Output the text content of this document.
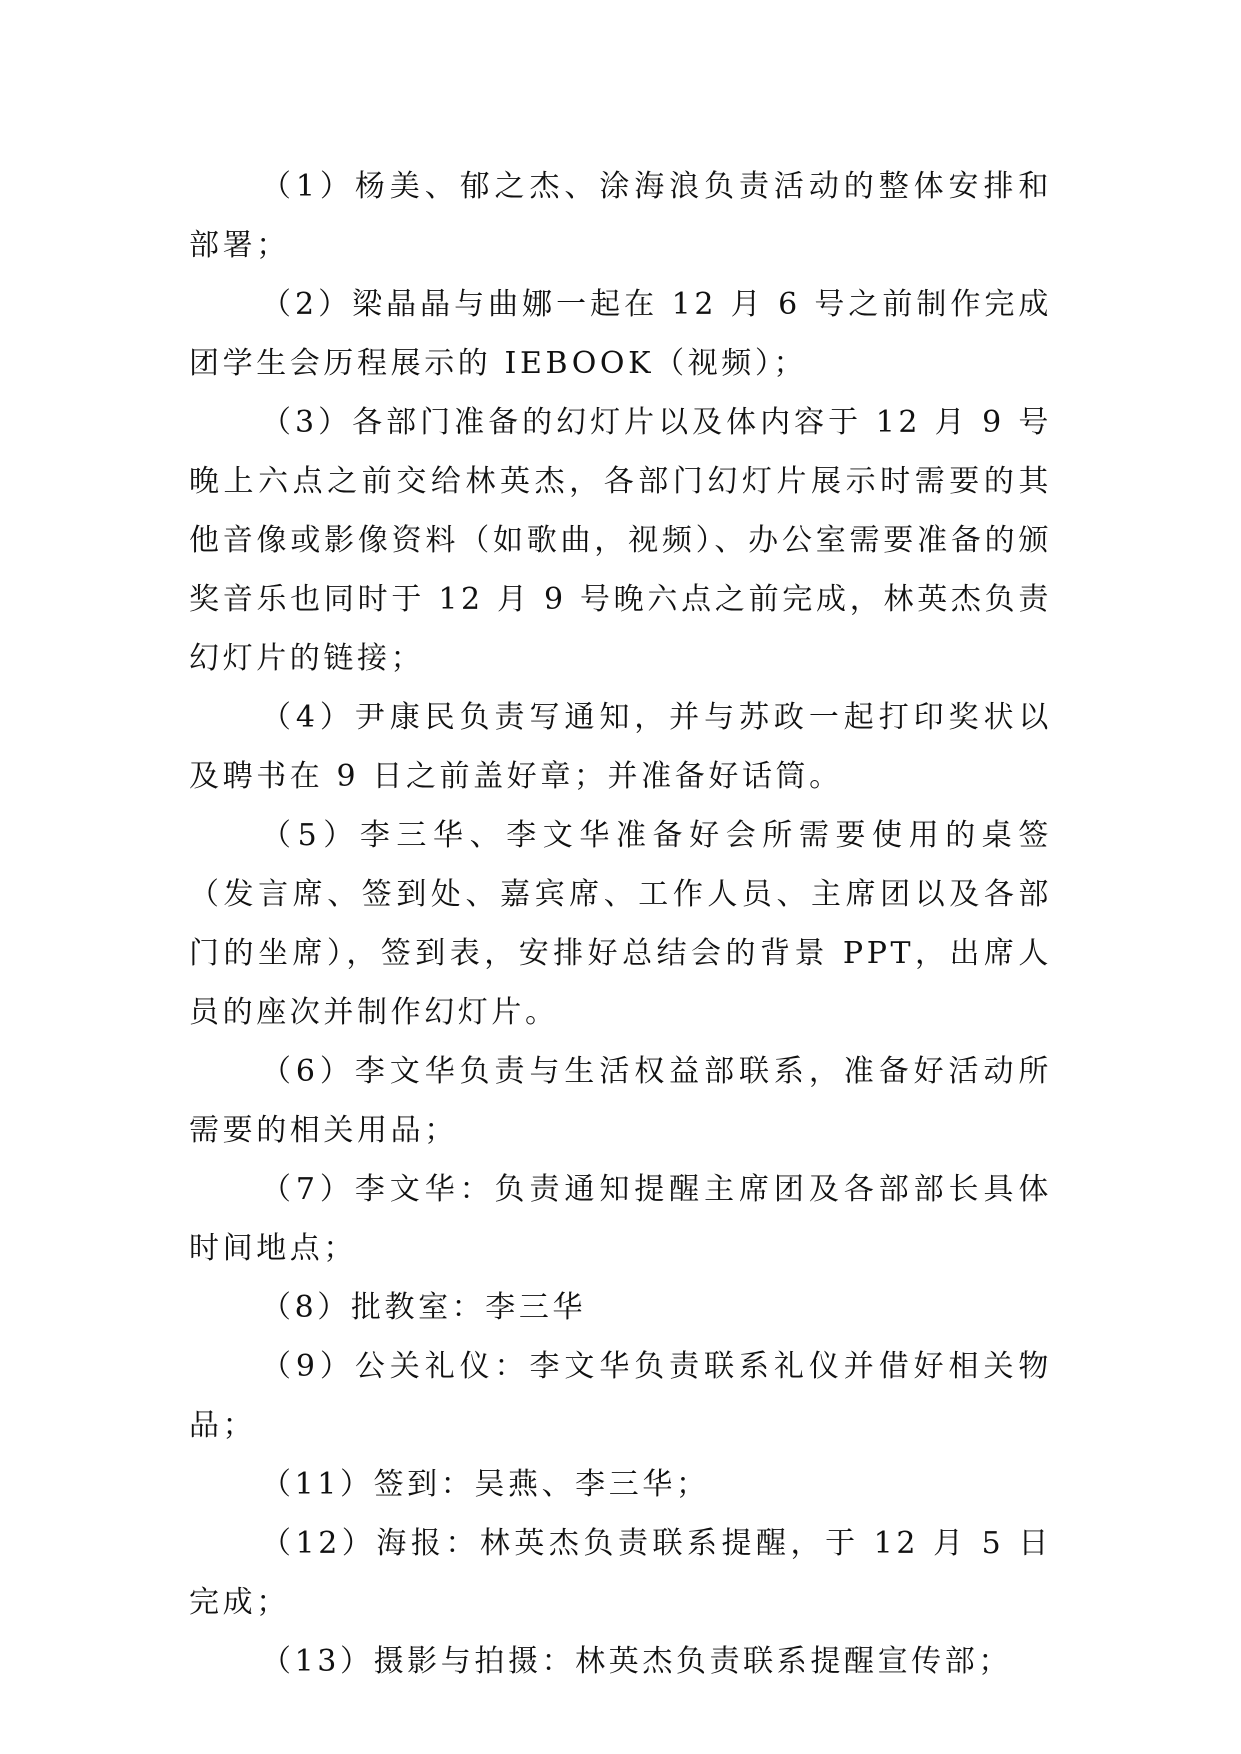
（1）杨美、郁之杰、涂海浪负责活动的整体安排和部署；

（2）梁晶晶与曲娜一起在 12 月 6 号之前制作完成团学生会历程展示的 IEBOOK（视频）；

（3）各部门准备的幻灯片以及体内容于 12 月 9 号晚上六点之前交给林英杰，各部门幻灯片展示时需要的其他音像或影像资料（如歌曲，视频）、办公室需要准备的颁奖音乐也同时于 12 月 9 号晚六点之前完成，林英杰负责幻灯片的链接；

（4）尹康民负责写通知，并与苏政一起打印奖状以及聘书在 9 日之前盖好章；并准备好话筒。

（5）李三华、李文华准备好会所需要使用的桌签（发言席、签到处、嘉宾席、工作人员、主席团以及各部门的坐席），签到表，安排好总结会的背景 PPT，出席人员的座次并制作幻灯片。

（6）李文华负责与生活权益部联系，准备好活动所需要的相关用品；

（7）李文华：负责通知提醒主席团及各部部长具体时间地点；

（8）批教室：李三华

（9）公关礼仪：李文华负责联系礼仪并借好相关物品；

（11）签到：吴燕、李三华；

（12）海报：林英杰负责联系提醒，于 12 月 5 日完成；

（13）摄影与拍摄：林英杰负责联系提醒宣传部；
